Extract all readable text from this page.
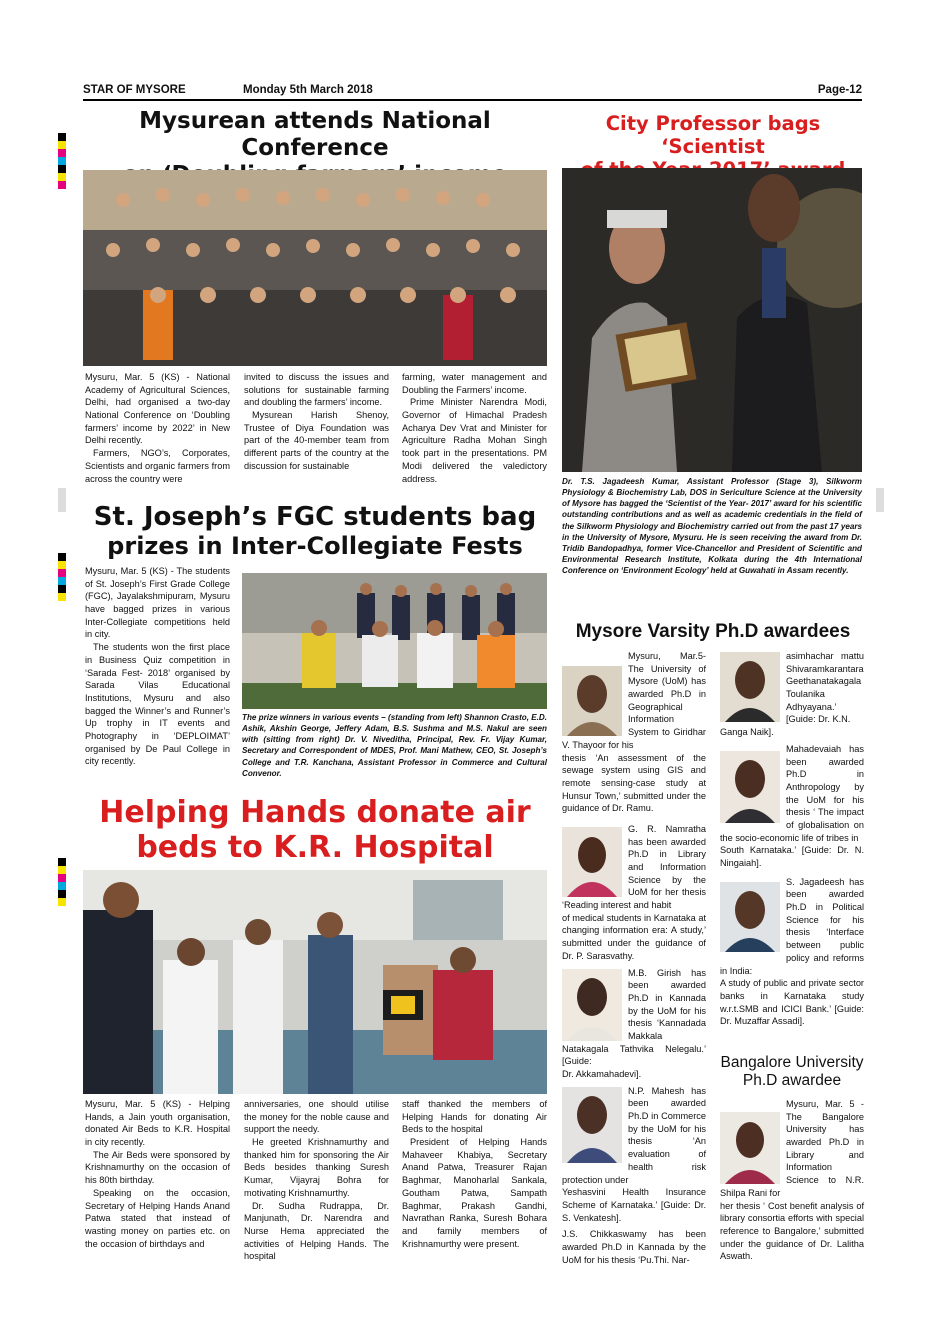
STAR OF MYSORE	Monday 5th March 2018	Page-12
Mysurean attends National Conference

Mysuru, Mar. 5 (KS) - National Academy of Agricultural Sciences, Delhi, had organised a two-day National Conference on ‘Doubling farmers’ income by 2022’ in New Delhi recently.

Farmers, NGO’s, Corporates, Scientists and organic farmers from across the country were

invited to discuss the issues and solutions for sustainable farming and doubling the farmers’ income.

Mysurean Harish Shenoy, Trustee of Diya Foundation was part of the 40-member team from different parts of the country at the discussion for sustainable

farming, water management and Doubling the Farmers’ income.

Prime Minister Narendra Modi, Governor of Himachal Pradesh Acharya Dev Vrat and Minister for Agriculture Radha Mohan Singh took part in the presentations. PM Modi delivered the valedictory address.

City Professor bags ‘Scientist
Dr. T.S. Jagadeesh Kumar, Assistant Professor (Stage 3), Silkworm Physiology & Biochemistry Lab, DOS in Sericulture Science at the University of Mysore has bagged the ‘Scientist of the Year- 2017’ award for his scientific outstanding contributions and as well as academic credentials in the field of the Silkworm Physiology and Biochemistry carried out from the past 17 years in the University of Mysore, Mysuru. He is seen receiving the award from Dr. Tridib Bandopadhya, former Vice-Chancellor and President of Scientific and Environmental Research Institute, Kolkata during the 4th International Conference on ‘Environment Ecology’ held at Guwahati in Assam recently.
St. Joseph’s FGC students bag
prizes in Inter-Collegiate Fests

Mysuru, Mar. 5 (KS) - The students of St. Joseph’s First Grade College (FGC), Jayalakshmipuram, Mysuru have bagged prizes in various Inter-Collegiate competitions held in city.

The students won the first place in Business Quiz competition in ‘Sarada Fest- 2018’ organised by Sarada Vilas Educational Institutions, Mysuru and also bagged the Winner’s and Runner’s Up trophy in IT events and Photography in ‘DEPLOIMAT’ organised by De Paul College in city recently.

The prize winners in various events – (standing from left) Shannon Crasto, E.D. Ashik, Akshin George, Jeffery Adam, B.S. Sushma and M.S. Nakul are seen with (sitting from right) Dr. V. Niveditha, Principal, Rev. Fr. Vijay Kumar, Secretary and Correspondent of MDES, Prof. Mani Mathew, CEO, St. Joseph’s College and T.R. Kanchana, Assistant Professor in Commerce and Cultural Convenor.
Helping Hands donate air
beds to K.R. Hospital

Mysuru, Mar. 5 (KS) - Helping Hands, a Jain youth organisation, donated Air Beds to K.R. Hospital in city recently.

The Air Beds were sponsored by Krishnamurthy on the occasion of his 80th birthday.

Speaking on the occasion, Secretary of Helping Hands Anand Patwa stated that instead of wasting money on parties etc. on the occasion of birthdays and

anniversaries, one should utilise the money for the noble cause and support the needy.

He greeted Krishnamurthy and thanked him for sponsoring the Air Beds besides thanking Suresh Kumar, Vijayraj Bohra for motivating Krishnamurthy.

Dr. Sudha Rudrappa, Dr. Manjunath, Dr. Narendra and Nurse Hema appreciated the activities of Helping Hands. The hospital

staff thanked the members of Helping Hands for donating Air Beds to the hospital

President of Helping Hands Mahaveer Khabiya, Secretary Anand Patwa, Treasurer Rajan Baghmar, Manoharlal Sankala, Goutham Patwa, Sampath Baghmar, Prakash Gandhi, Navrathan Ranka, Suresh Bohara and family members of Krishnamurthy were present.

Mysore Varsity Ph.D awardees
Mysuru, Mar.5- The University of Mysore (UoM) has awarded Ph.D in Geographical Information System to Giridhar V. Thayoor for his
thesis ‘An assessment of the sewage system using GIS and remote sensing-case study at Hunsur Town,’ submitted under the guidance of Dr. Ramu.
G. R. Namratha has been awarded Ph.D in Library and Information Science by the UoM for her thesis ‘Reading interest and habit
of medical students in Karnataka at changing information era: A study,’ submitted under the guidance of Dr. P. Sarasvathy.
M.B. Girish has been awarded Ph.D in Kannada by the UoM for his thesis ‘Kannadada Makkala Natakagala Tathvika Nelegalu.’ [Guide:
Dr. Akkamahadevi].
N.P. Mahesh has been awarded Ph.D in Commerce by the UoM for his thesis ‘An evaluation of health risk protection under
Yeshasvini Health Insurance Scheme of Karnataka.’ [Guide: Dr. S. Venkatesh].
J.S. Chikkaswamy has been awarded Ph.D in Kannada by the UoM for his thesis ‘Pu.Thi. Nar-
asimhachar mattu Shivaramkarantara Geethanatakagala Toulanika Adhyayana.’ [Guide: Dr. K.N.
Ganga Naik].
Mahadevaiah has been awarded Ph.D in Anthropology by the UoM for his thesis ‘ The impact of globalisation on the socio-economic life of tribes in
South Karnataka.’ [Guide: Dr. N. Ningaiah].
S. Jagadeesh has been awarded Ph.D in Political Science for his thesis ‘Interface between public policy and reforms in India:
A study of public and private sector banks in Karnataka study w.r.t.SMB and ICICI Bank.’ [Guide: Dr. Muzaffar Assadi].
Bangalore University
Ph.D awardee
Mysuru, Mar. 5 - The Bangalore University has awarded Ph.D in Library and Information Science to N.R. Shilpa Rani for
her thesis ‘ Cost benefit analysis of library consortia efforts with special reference to Bangalore,’ submitted under the guidance of Dr. Lalitha Aswath.
